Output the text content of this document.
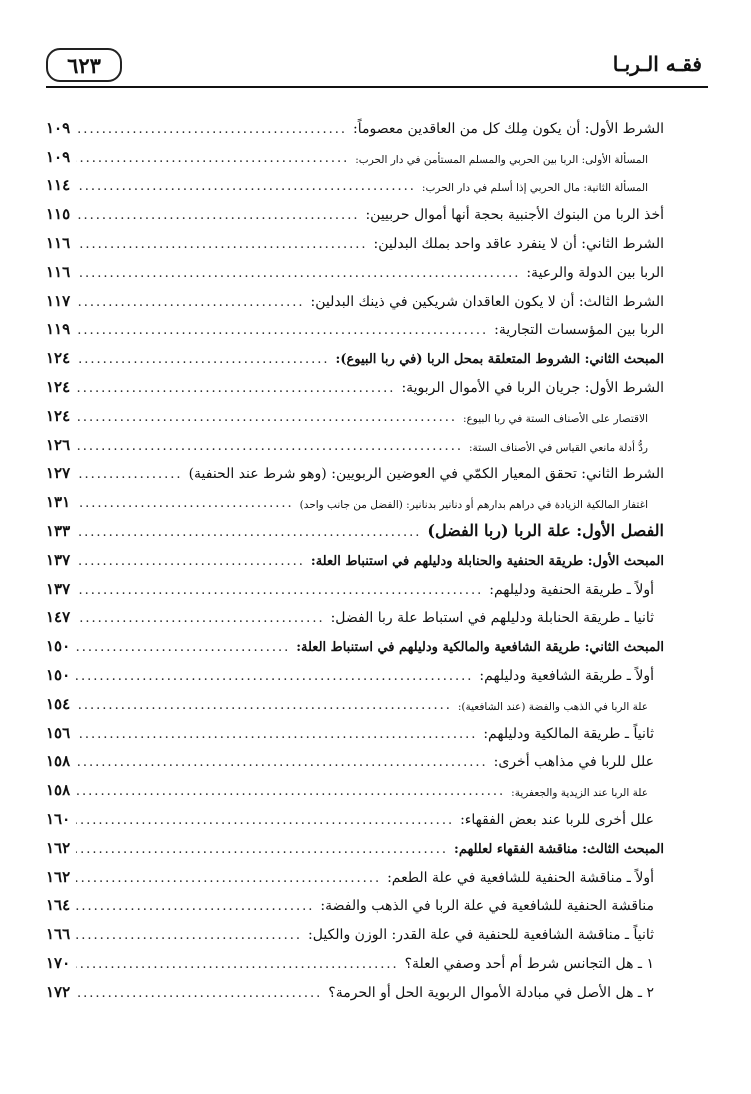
٦٢٣	فقـه الـربـا
الشرط الأول: أن يكون مِلك كل من العاقدين معصوماً:
.....
١٠٩
المسألة الأولى: الربا بين الحربي والمسلم المستأمن في دار الحرب:
.....
١٠٩
المسألة الثانية: مال الحربي إذا أسلم في دار الحرب:
.....
١١٤
أخذ الربا من البنوك الأجنبية بحجة أنها أموال حربيين:
.....
١١٥
الشرط الثاني: أن لا ينفرد عاقد واحد بملك البدلين:
.....
١١٦
الربا بين الدولة والرعية:
.....
١١٦
الشرط الثالث: أن لا يكون العاقدان شريكين في ذينك البدلين:
.....
١١٧
الربا بين المؤسسات التجارية:
.....
١١٩
المبحث الثاني: الشروط المتعلقة بمحل الربا (في ربا البيوع):
.....
١٢٤
الشرط الأول: جريان الربا في الأموال الربوية:
.....
١٢٤
الاقتصار على الأصناف الستة في ربا البيوع:
.....
١٢٤
ردُّ أدلة مانعي القياس في الأصناف الستة:
.....
١٢٦
الشرط الثاني: تحقق المعيار الكمّي في العوضين الربويين: (وهو شرط عند الحنفية)
.....
١٢٧
اغتفار المالكية الزيادة في دراهم بدارهم أو دنانير بدنانير: (الفضل من جانب واحد)
.....
١٣١
الفصل الأول: علة الربا (ربا الفضل)
.....
١٣٣
المبحث الأول: طريقة الحنفية والحنابلة ودليلهم في استنباط العلة:
.....
١٣٧
أولاً ـ طريقة الحنفية ودليلهم:
.....
١٣٧
ثانيا ـ طريقة الحنابلة ودليلهم في استباط علة ربا الفضل:
.....
١٤٧
المبحث الثاني: طريقة الشافعية والمالكية ودليلهم في استنباط العلة:
.....
١٥٠
أولاً ـ طريقة الشافعية ودليلهم:
.....
١٥٠
علة الربا في الذهب والفضة (عند الشافعية):
.....
١٥٤
ثانياً ـ طريقة المالكية ودليلهم:
.....
١٥٦
علل للربا في مذاهب أخرى:
.....
١٥٨
علة الربا عند الزيدية والجعفرية:
.....
١٥٨
علل أخرى للربا عند بعض الفقهاء:
.....
١٦٠
المبحث الثالث: مناقشة الفقهاء لعللهم:
.....
١٦٢
أولاً ـ مناقشة الحنفية للشافعية في علة الطعم:
.....
١٦٢
مناقشة الحنفية للشافعية في علة الربا في الذهب والفضة:
.....
١٦٤
ثانياً ـ مناقشة الشافعية للحنفية في علة القدر: الوزن والكيل:
.....
١٦٦
١ ـ هل التجانس شرط أم أحد وصفي العلة؟
.....
١٧٠
٢ ـ هل الأصل في مبادلة الأموال الربوية الحل أو الحرمة؟
.....
١٧٢
